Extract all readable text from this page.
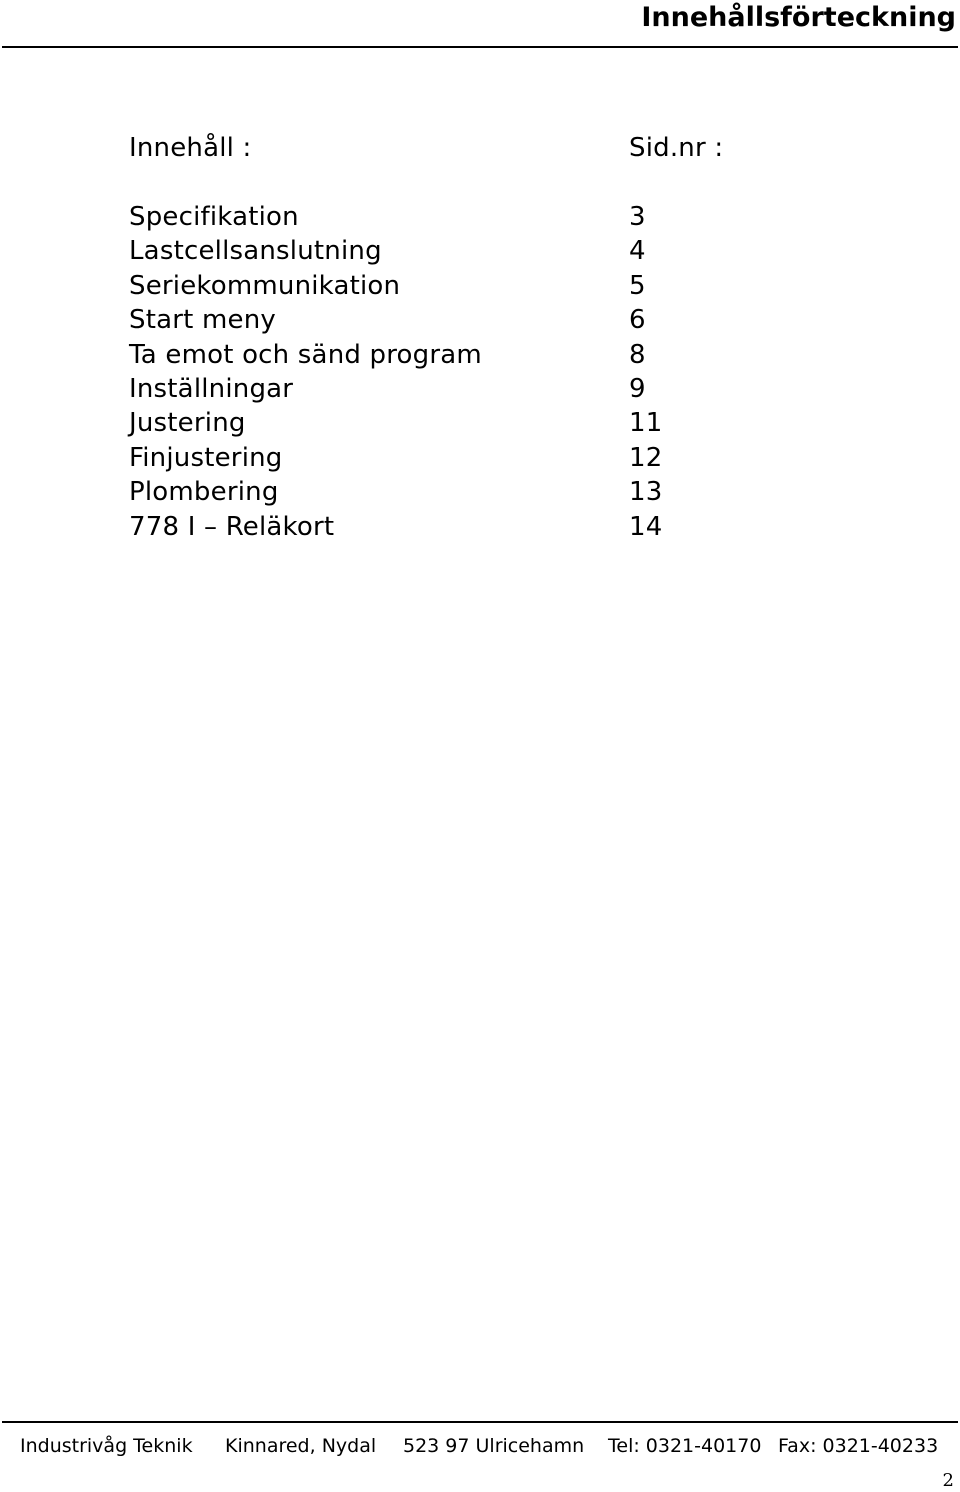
Innehållsförteckning
Innehåll :	Sid.nr :
Specifikation	3
Lastcellsanslutning	4
Seriekommunikation	5
Start meny	6
Ta emot och sänd program	8
Inställningar	9
Justering	11
Finjustering	12
Plombering	13
778 I – Reläkort	14
Industrivåg Teknik Kinnared, Nydal 523 97 Ulricehamn Tel: 0321-40170 Fax: 0321-40233
2
